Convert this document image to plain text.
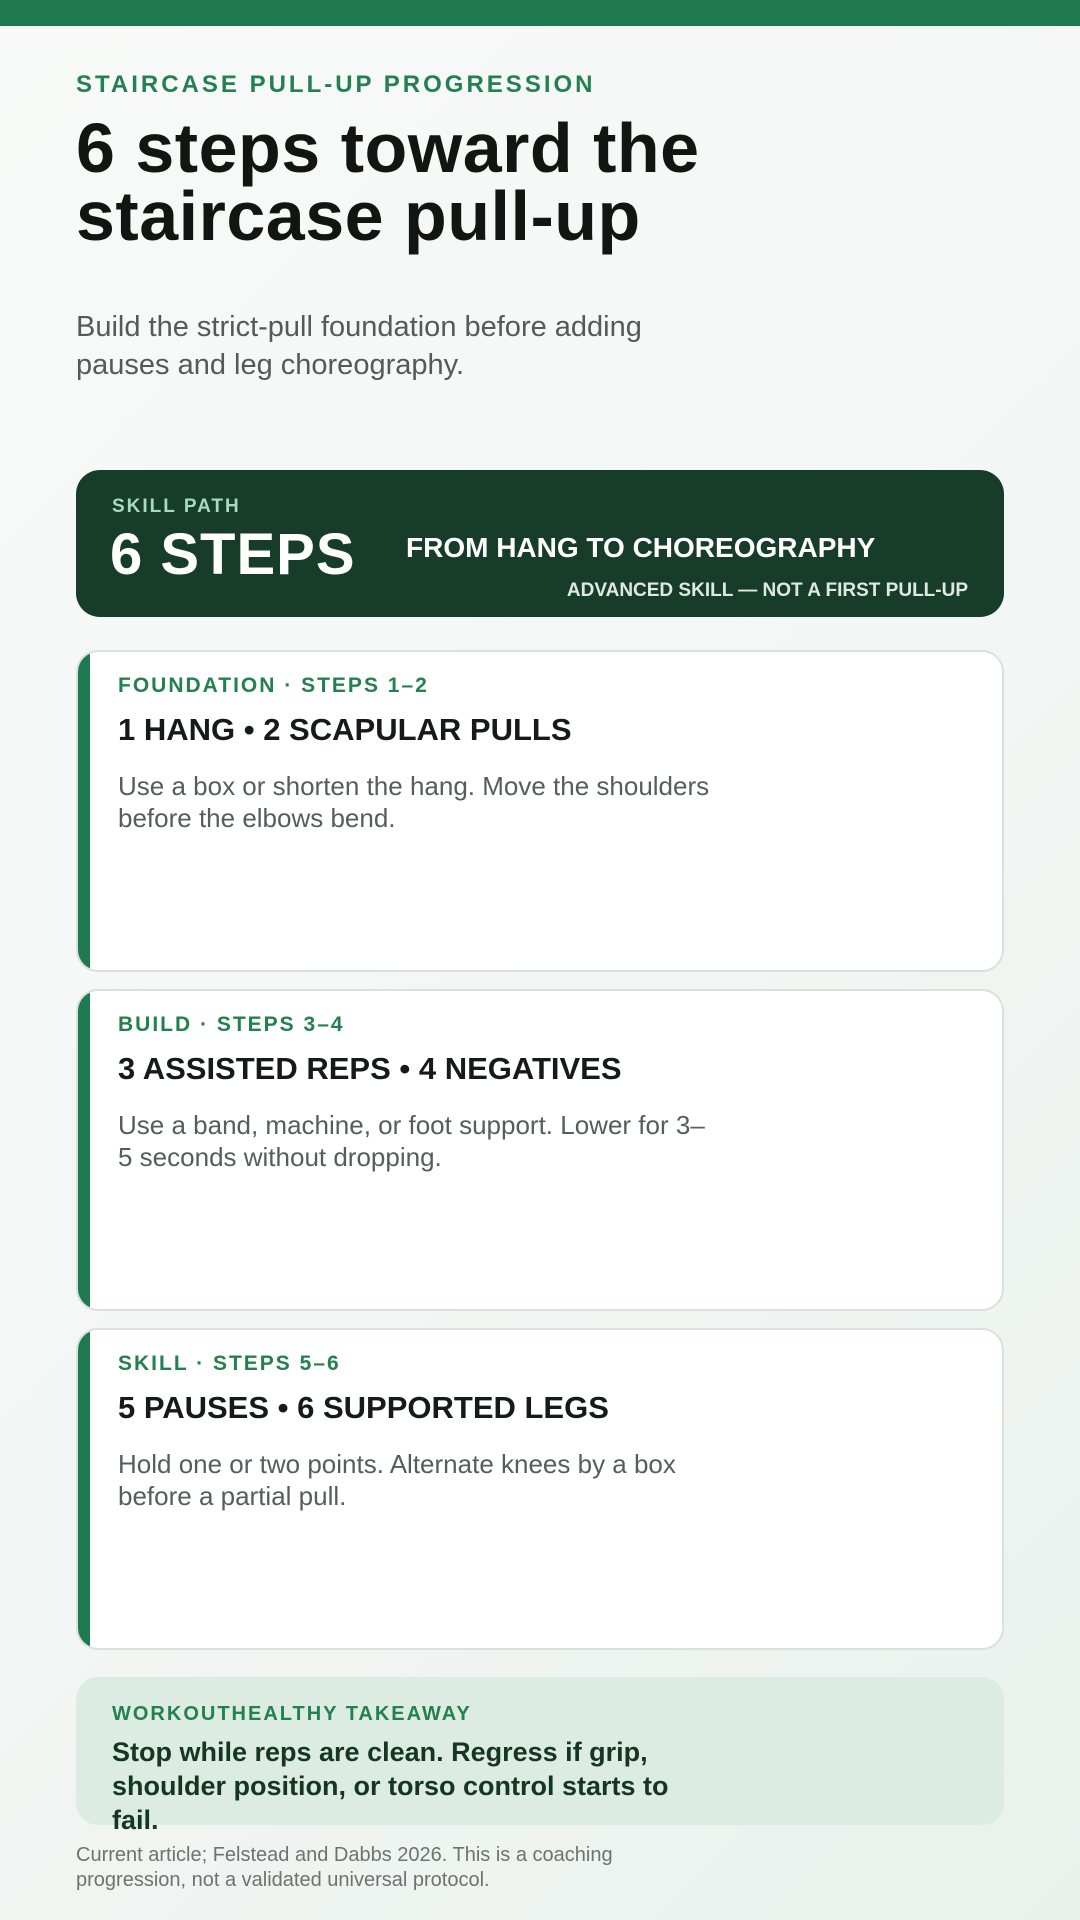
STAIRCASE PULL-UP PROGRESSION
6 steps toward the staircase pull-up

Build the strict-pull foundation before adding pauses and leg choreography.

SKILL PATH
6 STEPS FROM HANG TO CHOREOGRAPHY
ADVANCED SKILL — NOT A FIRST PULL-UP
FOUNDATION · STEPS 1–2
1 HANG • 2 SCAPULAR PULLS
Use a box or shorten the hang. Move the shoulders before the elbows bend.
BUILD · STEPS 3–4
3 ASSISTED REPS • 4 NEGATIVES
Use a band, machine, or foot support. Lower for 3–5 seconds without dropping.
SKILL · STEPS 5–6
5 PAUSES • 6 SUPPORTED LEGS
Hold one or two points. Alternate knees by a box before a partial pull.
WORKOUTHEALTHY TAKEAWAY
Stop while reps are clean. Regress if grip, shoulder position, or torso control starts to fail.

Current article; Felstead and Dabbs 2026. This is a coaching progression, not a validated universal protocol.
